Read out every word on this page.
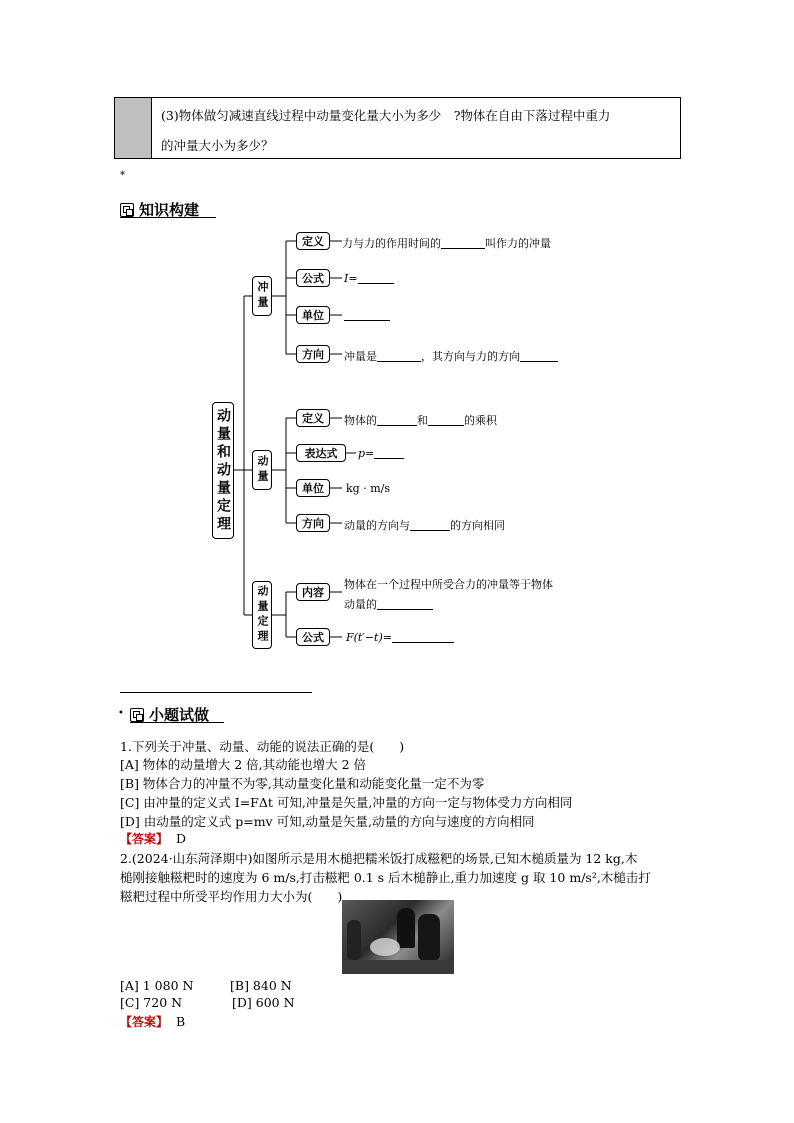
(3)物体做匀减速直线过程中动量变化量大小为多少　?物体在自由下落过程中重力
的冲量大小为多少？
*
知识构建
动量和动量定理
冲量
动量
动量定理
定义	力与力的作用时间的	叫作力的冲量
公式	I=
单位
方向	冲量是	，其方向与力的方向
定义	物体的	和	的乘积
表达式	p=
单位	kg · m/s
方向	动量的方向与	的方向相同
内容
物体在一个过程中所受合力的冲量等于物体
动量的
公式	F(t′−t)=
•	小题试做
1.下列关于冲量、动量、动能的说法正确的是(　　)
[A] 物体的动量增大 2 倍,其动能也增大 2 倍
[B] 物体合力的冲量不为零,其动量变化量和动能变化量一定不为零
[C] 由冲量的定义式 I=FΔt 可知,冲量是矢量,冲量的方向一定与物体受力方向相同
[D] 由动量的定义式 p=mv 可知,动量是矢量,动量的方向与速度的方向相同
【答案】 D
2.(2024·山东菏泽期中)如图所示是用木槌把糯米饭打成糍粑的场景,已知木槌质量为 12 kg,木
槌刚接触糍粑时的速度为 6 m/s,打击糍粑 0.1 s 后木槌静止,重力加速度 g 取 10 m/s²,木槌击打
糍粑过程中所受平均作用力大小为(　　)
[A] 1 080 N	[B] 840 N
[C] 720 N	[D] 600 N
【答案】 B
